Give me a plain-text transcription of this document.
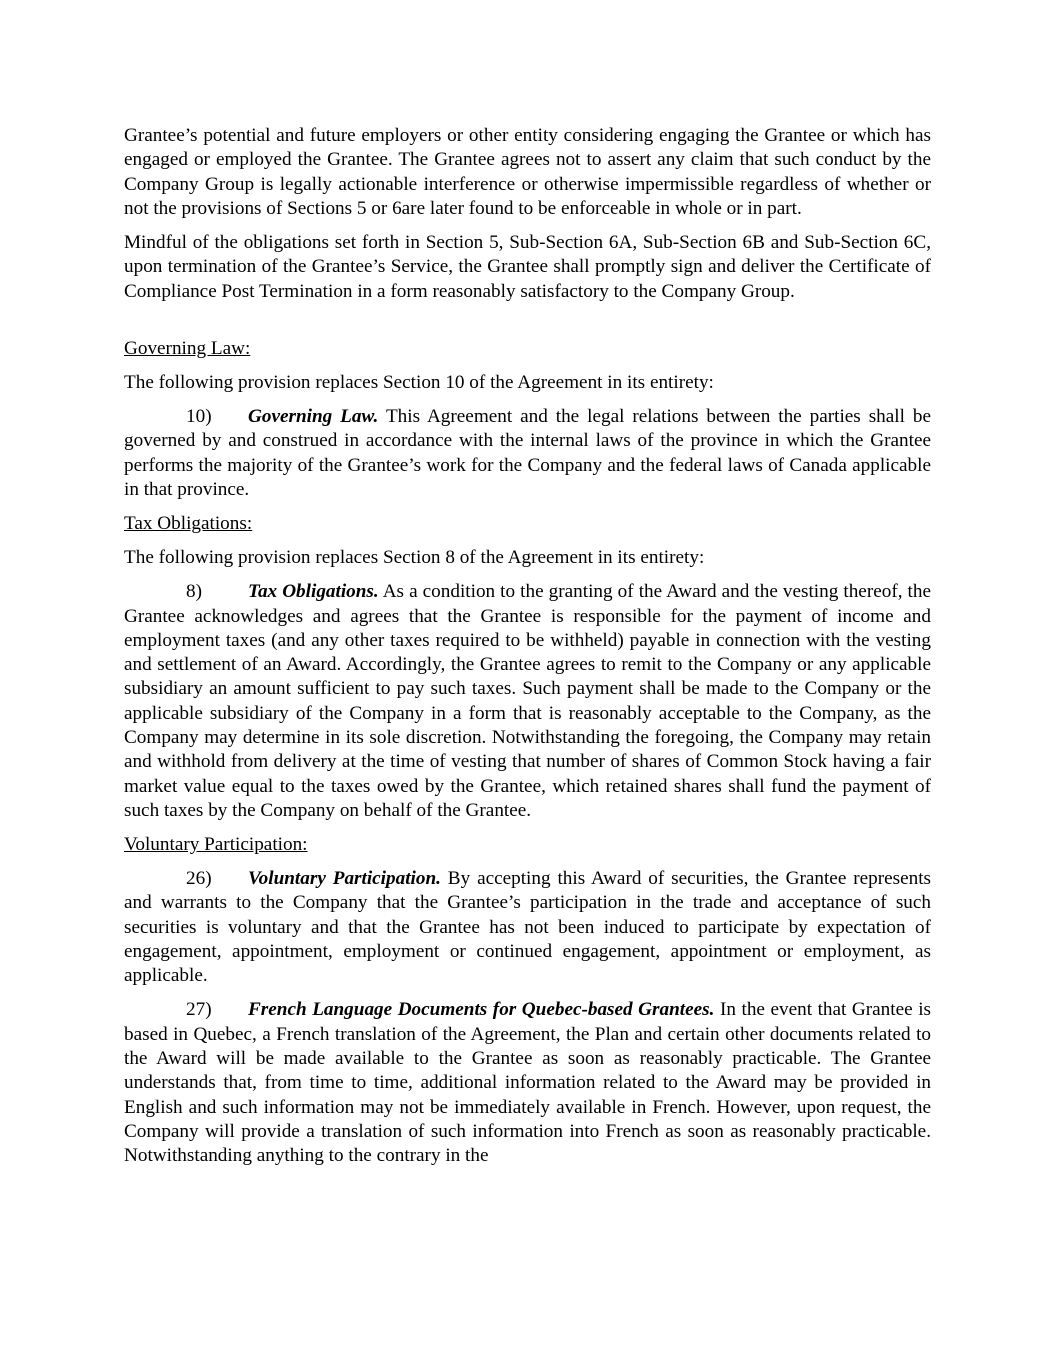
Grantee’s potential and future employers or other entity considering engaging the Grantee or which has engaged or employed the Grantee. The Grantee agrees not to assert any claim that such conduct by the Company Group is legally actionable interference or otherwise impermissible regardless of whether or not the provisions of Sections 5 or 6are later found to be enforceable in whole or in part.

Mindful of the obligations set forth in Section 5, Sub-Section 6A, Sub-Section 6B and Sub-Section 6C, upon termination of the Grantee’s Service, the Grantee shall promptly sign and deliver the Certificate of Compliance Post Termination in a form reasonably satisfactory to the Company Group.

Governing Law:

The following provision replaces Section 10 of the Agreement in its entirety:

10) Governing Law. This Agreement and the legal relations between the parties shall be governed by and construed in accordance with the internal laws of the province in which the Grantee performs the majority of the Grantee’s work for the Company and the federal laws of Canada applicable in that province.

Tax Obligations:

The following provision replaces Section 8 of the Agreement in its entirety:

8) Tax Obligations. As a condition to the granting of the Award and the vesting thereof, the Grantee acknowledges and agrees that the Grantee is responsible for the payment of income and employment taxes (and any other taxes required to be withheld) payable in connection with the vesting and settlement of an Award. Accordingly, the Grantee agrees to remit to the Company or any applicable subsidiary an amount sufficient to pay such taxes. Such payment shall be made to the Company or the applicable subsidiary of the Company in a form that is reasonably acceptable to the Company, as the Company may determine in its sole discretion. Notwithstanding the foregoing, the Company may retain and withhold from delivery at the time of vesting that number of shares of Common Stock having a fair market value equal to the taxes owed by the Grantee, which retained shares shall fund the payment of such taxes by the Company on behalf of the Grantee.

Voluntary Participation:

26) Voluntary Participation. By accepting this Award of securities, the Grantee represents and warrants to the Company that the Grantee’s participation in the trade and acceptance of such securities is voluntary and that the Grantee has not been induced to participate by expectation of engagement, appointment, employment or continued engagement, appointment or employment, as applicable.

27) French Language Documents for Quebec-based Grantees. In the event that Grantee is based in Quebec, a French translation of the Agreement, the Plan and certain other documents related to the Award will be made available to the Grantee as soon as reasonably practicable. The Grantee understands that, from time to time, additional information related to the Award may be provided in English and such information may not be immediately available in French. However, upon request, the Company will provide a translation of such information into French as soon as reasonably practicable. Notwithstanding anything to the contrary in the
